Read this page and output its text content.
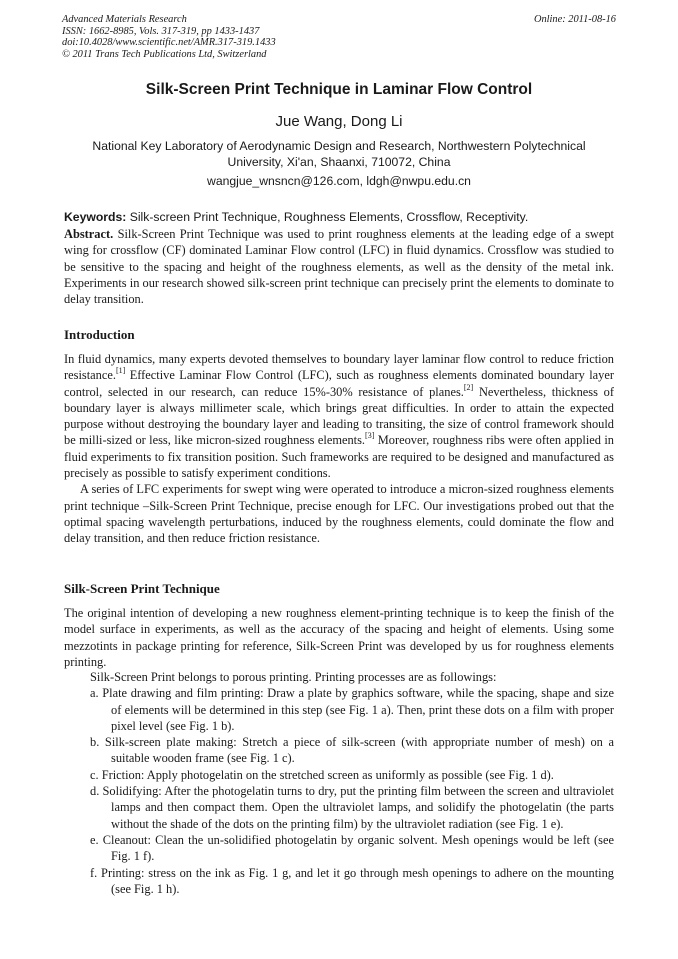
Advanced Materials Research
ISSN: 1662-8985, Vols. 317-319, pp 1433-1437
doi:10.4028/www.scientific.net/AMR.317-319.1433
© 2011 Trans Tech Publications Ltd, Switzerland
Online: 2011-08-16
Silk-Screen Print Technique in Laminar Flow Control
Jue Wang, Dong Li
National Key Laboratory of Aerodynamic Design and Research, Northwestern Polytechnical University, Xi'an, Shaanxi, 710072, China
wangjue_wnsncn@126.com, ldgh@nwpu.edu.cn
Keywords: Silk-screen Print Technique, Roughness Elements, Crossflow, Receptivity.

Abstract. Silk-Screen Print Technique was used to print roughness elements at the leading edge of a swept wing for crossflow (CF) dominated Laminar Flow control (LFC) in fluid dynamics. Crossflow was studied to be sensitive to the spacing and height of the roughness elements, as well as the density of the metal ink. Experiments in our research showed silk-screen print technique can precisely print the elements to dominate to delay transition.

Introduction

In fluid dynamics, many experts devoted themselves to boundary layer laminar flow control to reduce friction resistance.[1] Effective Laminar Flow Control (LFC), such as roughness elements dominated boundary layer control, selected in our research, can reduce 15%-30% resistance of planes.[2] Nevertheless, thickness of boundary layer is always millimeter scale, which brings great difficulties. In order to attain the expected purpose without destroying the boundary layer and leading to transiting, the size of control framework should be milli-sized or less, like micron-sized roughness elements.[3] Moreover, roughness ribs were often applied in fluid experiments to fix transition position. Such frameworks are required to be designed and manufactured as precisely as possible to satisfy experiment conditions.

A series of LFC experiments for swept wing were operated to introduce a micron-sized roughness elements print technique –Silk-Screen Print Technique, precise enough for LFC. Our investigations probed out that the optimal spacing wavelength perturbations, induced by the roughness elements, could dominate the flow and delay transition, and then reduce friction resistance.

Silk-Screen Print Technique

The original intention of developing a new roughness element-printing technique is to keep the finish of the model surface in experiments, as well as the accuracy of the spacing and height of elements. Using some mezzotints in package printing for reference, Silk-Screen Print was developed by us for roughness elements printing.

Silk-Screen Print belongs to porous printing. Printing processes are as followings:
a. Plate drawing and film printing: Draw a plate by graphics software, while the spacing, shape and size of elements will be determined in this step (see Fig. 1 a). Then, print these dots on a film with proper pixel level (see Fig. 1 b).
b. Silk-screen plate making: Stretch a piece of silk-screen (with appropriate number of mesh) on a suitable wooden frame (see Fig. 1 c).
c. Friction: Apply photogelatin on the stretched screen as uniformly as possible (see Fig. 1 d).
d. Solidifying: After the photogelatin turns to dry, put the printing film between the screen and ultraviolet lamps and then compact them. Open the ultraviolet lamps, and solidify the photogelatin (the parts without the shade of the dots on the printing film) by the ultraviolet radiation (see Fig. 1 e).
e. Cleanout: Clean the un-solidified photogelatin by organic solvent. Mesh openings would be left (see Fig. 1 f).
f. Printing: stress on the ink as Fig. 1 g, and let it go through mesh openings to adhere on the mounting (see Fig. 1 h).
